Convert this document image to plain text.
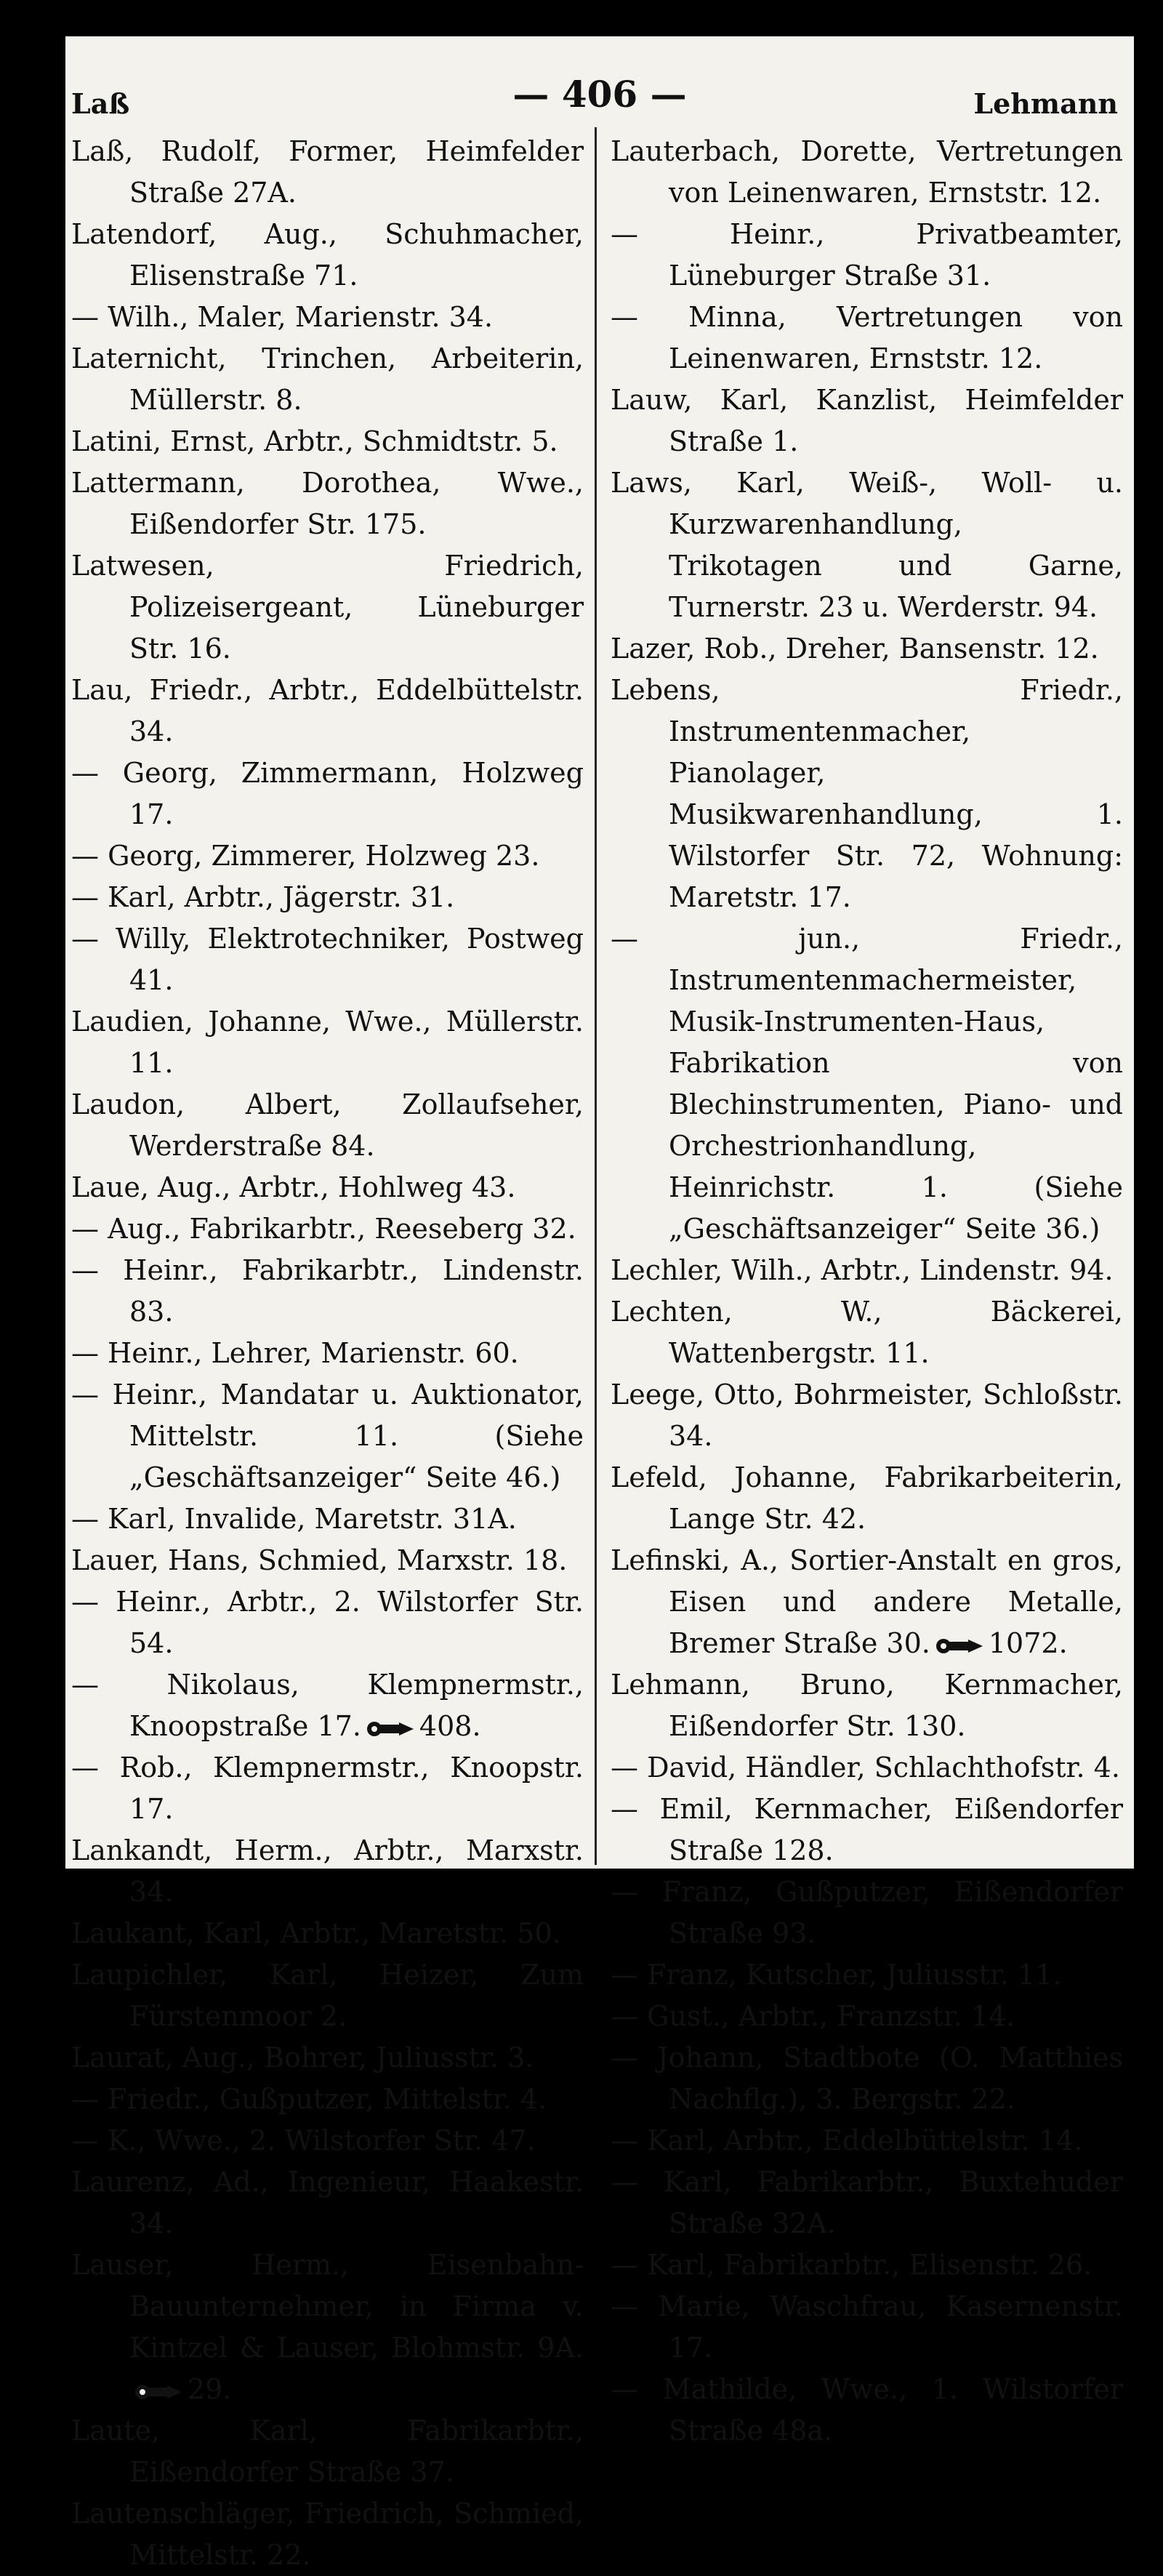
Laß	— 406 —	Lehmann

Laß, Rudolf, Former, Heimfelder Straße 27A.

Latendorf, Aug., Schuhmacher, Elisenstraße 71.

— Wilh., Maler, Marienstr. 34.

Laternicht, Trinchen, Arbeiterin, Müllerstr. 8.

Latini, Ernst, Arbtr., Schmidtstr. 5.

Lattermann, Dorothea, Wwe., Eißendorfer Str. 175.

Latwesen, Friedrich, Polizeisergeant, Lüneburger Str. 16.

Lau, Friedr., Arbtr., Eddelbüttelstr. 34.

— Georg, Zimmermann, Holzweg 17.

— Georg, Zimmerer, Holzweg 23.

— Karl, Arbtr., Jägerstr. 31.

— Willy, Elektrotechniker, Postweg 41.

Laudien, Johanne, Wwe., Müllerstr. 11.

Laudon, Albert, Zollaufseher, Werderstraße 84.

Laue, Aug., Arbtr., Hohlweg 43.

— Aug., Fabrikarbtr., Reeseberg 32.

— Heinr., Fabrikarbtr., Lindenstr. 83.

— Heinr., Lehrer, Marienstr. 60.

— Heinr., Mandatar u. Auktionator, Mittelstr. 11. (Siehe „Geschäftsanzeiger“ Seite 46.)

— Karl, Invalide, Maretstr. 31A.

Lauer, Hans, Schmied, Marxstr. 18.

— Heinr., Arbtr., 2. Wilstorfer Str. 54.

— Nikolaus, Klempnermstr., Knoopstraße 17. 408.

— Rob., Klempnermstr., Knoopstr. 17.

Lankandt, Herm., Arbtr., Marxstr. 34.

Laukant, Karl, Arbtr., Maretstr. 50.

Laupichler, Karl, Heizer, Zum Fürstenmoor 2.

Laurat, Aug., Bohrer, Juliusstr. 3.

— Friedr., Gußputzer, Mittelstr. 4.

— K., Wwe., 2. Wilstorfer Str. 47.

Laurenz, Ad., Ingenieur, Haakestr. 34.

Lauser, Herm., Eisenbahn-Bauunternehmer, in Firma v. Kintzel & Lauser, Blohmstr. 9A.29.

Laute, Karl, Fabrikarbtr., Eißendorfer Straße 37.

Lautenschläger, Friedrich, Schmied, Mittelstr. 22.

Lauterbach, Dorette, Vertretungen von Leinenwaren, Ernststr. 12.

— Heinr., Privatbeamter, Lüneburger Straße 31.

— Minna, Vertretungen von Leinenwaren, Ernststr. 12.

Lauw, Karl, Kanzlist, Heimfelder Straße 1.

Laws, Karl, Weiß-, Woll- u. Kurzwarenhandlung, Trikotagen und Garne, Turnerstr. 23 u. Werderstr. 94.

Lazer, Rob., Dreher, Bansenstr. 12.

Lebens, Friedr., Instrumentenmacher, Pianolager, Musikwarenhandlung, 1. Wilstorfer Str. 72, Wohnung: Maretstr. 17.

— jun., Friedr., Instrumentenmachermeister, Musik-Instrumenten-Haus, Fabrikation von Blechinstrumenten, Piano- und Orchestrionhandlung, Heinrichstr. 1. (Siehe „Geschäftsanzeiger“ Seite 36.)

Lechler, Wilh., Arbtr., Lindenstr. 94.

Lechten, W., Bäckerei, Wattenbergstr. 11.

Leege, Otto, Bohrmeister, Schloßstr. 34.

Lefeld, Johanne, Fabrikarbeiterin, Lange Str. 42.

Lefinski, A., Sortier-Anstalt en gros, Eisen und andere Metalle, Bremer Straße 30. 1072.

Lehmann, Bruno, Kernmacher, Eißendorfer Str. 130.

— David, Händler, Schlachthofstr. 4.

— Emil, Kernmacher, Eißendorfer Straße 128.

— Franz, Gußputzer, Eißendorfer Straße 93.

— Franz, Kutscher, Juliusstr. 11.

— Gust., Arbtr., Franzstr. 14.

— Johann, Stadtbote (O. Matthies Nachflg.), 3. Bergstr. 22.

— Karl, Arbtr., Eddelbüttelstr. 14.

— Karl, Fabrikarbtr., Buxtehuder Straße 32A.

— Karl, Fabrikarbtr., Elisenstr. 26.

— Marie, Waschfrau, Kasernenstr. 17.

— Mathilde, Wwe., 1. Wilstorfer Straße 48a.
